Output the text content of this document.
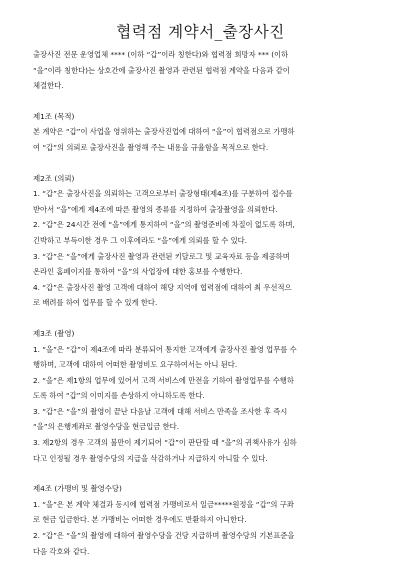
협력점 계약서_출장사진

출장사진 전문 운영업체 **** (이하 “갑”이라 칭한다)와 협력점 희망자 *** (이하
“을”이라 칭한다)는 상호간에 출장사진 촬영과 관련된 협력점 계약을 다음과 같이
체결한다.

제1조 (목적)

본 계약은 “갑”이 사업을 영위하는 출장사진업에 대하여 “을”이 협력점으로 가맹하
여 “갑”의 의뢰로 출장사진을 촬영해 주는 내용을 규율함을 목적으로 한다.

제2조 (의뢰)

1. “갑”은 출장사진을 의뢰하는 고객으로부터 출장형태(제4조)를 구분하여 접수를
받아서 “을”에게 제4조에 따른 촬영의 종류를 지정하여 출장촬영을 의뢰한다.
2. “갑”은 24시간 전에 “을”에게 통지하여 “을”의 촬영준비에 차질이 없도록 하며,
긴박하고 부득이한 경우 그 이후에라도 “을”에게 의뢰를 할 수 있다.
3. “갑”은 “을”에게 출장사진 촬영과 관련된 키달로그 및 교육자료 등을 제공하며
온라인 홈페이지를 통하여 “을”의 사업장에 대한 홍보를 수행한다.
4. “갑”은 출장사진 촬영 고객에 대하여 해당 지역에 협력점에 대하여 최 우선적으
로 배려를 하여 업무를 할 수 있게 한다.

제3조 (촬영)

1. “을”은 “갑”이 제4조에 따라 분류되어 통지한 고객에게 출장사진 촬영 업무를 수
행하며, 고객에 대하여 어떠한 촬영비도 요구하여서는 아니 된다.
2. “을”은 제1항의 업무에 있어서 고객 서비스에 만전을 기하여 촬영업무를 수행하
도록 하여 “갑”의 이미지를 손상하지 아니하도록 한다.
3. “갑”은 “을”의 촬영이 끝난 다음날 고객에 대해 서비스 만족을 조사한 후 즉시
“을”의 은행계좌로 촬영수당을 현금입금 한다.
3. 제2항의 경우 고객의 불만이 제기되어 “갑”이 판단할 때 “을”의 귀책사유가 심하
다고 인정될 경우 촬영수당의 지급을 삭감하거나 지급하지 아니할 수 있다.

제4조 (가맹비 및 촬영수당)

1. “을”은 본 계약 체결과 동시에 협력점 가맹비로서 일금*****원정을 “갑”의 구좌
로 현금 입금한다. 본 가맹비는 어떠한 경우에도 반환하지 아니한다.
2. “갑”은 “을”의 촬영에 대하여 촬영수당을 건당 지급하며 촬영수당의 기본표준을
다음 각호와 같다.
